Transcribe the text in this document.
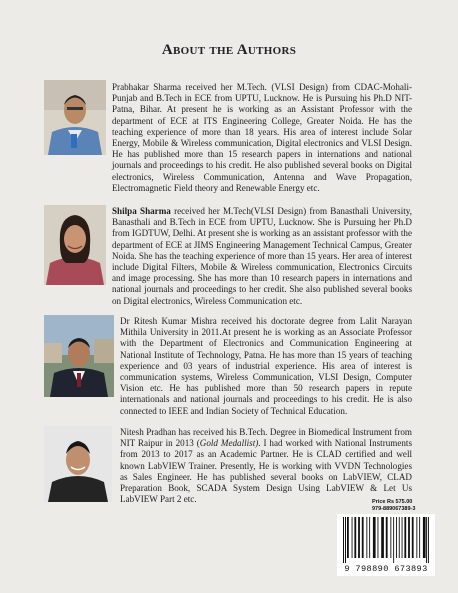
About the Authors
Prabhakar Sharma received her M.Tech. (VLSI Design) from CDAC-Mohali-Punjab and B.Tech in ECE from UPTU, Lucknow. He is Pursuing his Ph.D NIT-Patna, Bihar. At present he is working as an Assistant Professor with the department of ECE at ITS Engineering College, Greater Noida. He has the teaching experience of more than 18 years. His area of interest include Solar Energy, Mobile & Wireless communication, Digital electronics and VLSI Design. He has published more than 15 research papers in internations and national journals and proceedings to his credit. He also published several books on Digital electronics, Wireless Communication, Antenna and Wave Propagation, Electromagnetic Field theory and Renewable Energy etc.
Shilpa Sharma received her M.Tech(VLSI Design) from Banasthali University, Banasthali and B.Tech in ECE from UPTU, Lucknow. She is Pursuing her Ph.D from IGDTUW, Delhi. At present she is working as an assistant professor with the department of ECE at JIMS Engineering Management Technical Campus, Greater Noida. She has the teaching experience of more than 15 years. Her area of interest include Digital Filters, Mobile & Wireless communication, Electronics Circuits and image processing. She has more than 10 research papers in internations and national journals and proceedings to her credit. She also published several books on Digital electronics, Wireless Communication etc.
Dr Ritesh Kumar Mishra received his doctorate degree from Lalit Narayan Mithila University in 2011.At present he is working as an Associate Professor with the Department of Electronics and Communication Engineering at National Institute of Technology, Patna. He has more than 15 years of teaching experience and 03 years of industrial experience. His area of interest is communication systems, Wireless Communication, VLSI Design, Computer Vision etc. He has published more than 50 research papers in repute internationals and national journals and proceedings to his credit. He is also connected to IEEE and Indian Society of Technical Education.
Nitesh Pradhan has received his B.Tech. Degree in Biomedical Instrument from NIT Raipur in 2013 (Gold Medallist). I had worked with National Instruments from 2013 to 2017 as an Academic Partner. He is CLAD certified and well known LabVIEW Trainer. Presently, He is working with VVDN Technologies as Sales Engineer. He has published several books on LabVIEW, CLAD Preparation Book, SCADA System Design Using LabVIEW & Let Us LabVIEW Part 2 etc.	Price Rs 575.00
979-889067389-3
9 798890 673893
